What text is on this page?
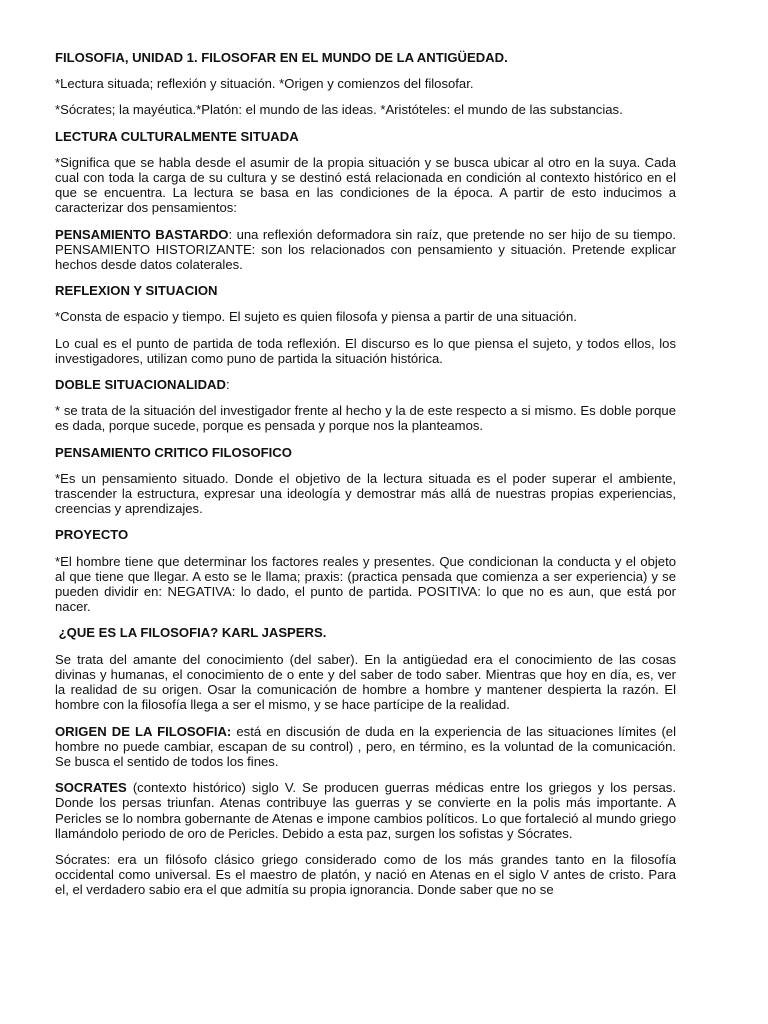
FILOSOFIA, UNIDAD 1. FILOSOFAR EN EL MUNDO DE LA ANTIGÜEDAD.

*Lectura situada; reflexión y situación. *Origen y comienzos del filosofar.

*Sócrates; la mayéutica.*Platón: el mundo de las ideas. *Aristóteles: el mundo de las substancias.

LECTURA CULTURALMENTE SITUADA

*Significa que se habla desde el asumir de la propia situación y se busca ubicar al otro en la suya. Cada cual con toda la carga de su cultura y se destinó está relacionada en condición al contexto histórico en el que se encuentra. La lectura se basa en las condiciones de la época. A partir de esto inducimos a caracterizar dos pensamientos:

PENSAMIENTO BASTARDO: una reflexión deformadora sin raíz, que pretende no ser hijo de su tiempo. PENSAMIENTO HISTORIZANTE: son los relacionados con pensamiento y situación. Pretende explicar hechos desde datos colaterales.

REFLEXION Y SITUACION

*Consta de espacio y tiempo. El sujeto es quien filosofa y piensa a partir de una situación.

Lo cual es el punto de partida de toda reflexión. El discurso es lo que piensa el sujeto, y todos ellos, los investigadores, utilizan como puno de partida la situación histórica.

DOBLE SITUACIONALIDAD:

* se trata de la situación del investigador frente al hecho y la de este respecto a si mismo. Es doble porque es dada, porque sucede, porque es pensada y porque nos la planteamos.

PENSAMIENTO CRITICO FILOSOFICO

*Es un pensamiento situado. Donde el objetivo de la lectura situada es el poder superar el ambiente, trascender la estructura, expresar una ideología y demostrar más allá de nuestras propias experiencias, creencias y aprendizajes.

PROYECTO

*El hombre tiene que determinar los factores reales y presentes. Que condicionan la conducta y el objeto al que tiene que llegar. A esto se le llama; praxis: (practica pensada que comienza a ser experiencia) y se pueden dividir en: NEGATIVA: lo dado, el punto de partida. POSITIVA: lo que no es aun, que está por nacer.

¿QUE ES LA FILOSOFIA? KARL JASPERS.

Se trata del amante del conocimiento (del saber). En la antigüedad era el conocimiento de las cosas divinas y humanas, el conocimiento de o ente y del saber de todo saber. Mientras que hoy en día, es, ver la realidad de su origen. Osar la comunicación de hombre a hombre y mantener despierta la razón. El hombre con la filosofía llega a ser el mismo, y se hace partícipe de la realidad.

ORIGEN DE LA FILOSOFIA: está en discusión de duda en la experiencia de las situaciones límites (el hombre no puede cambiar, escapan de su control) , pero, en término, es la voluntad de la comunicación. Se busca el sentido de todos los fines.

SOCRATES (contexto histórico) siglo V. Se producen guerras médicas entre los griegos y los persas. Donde los persas triunfan. Atenas contribuye las guerras y se convierte en la polis más importante. A Pericles se lo nombra gobernante de Atenas e impone cambios políticos. Lo que fortaleció al mundo griego llamándolo periodo de oro de Pericles. Debido a esta paz, surgen los sofistas y Sócrates.

Sócrates: era un filósofo clásico griego considerado como de los más grandes tanto en la filosofía occidental como universal. Es el maestro de platón, y nació en Atenas en el siglo V antes de cristo. Para el, el verdadero sabio era el que admitía su propia ignorancia. Donde saber que no se
